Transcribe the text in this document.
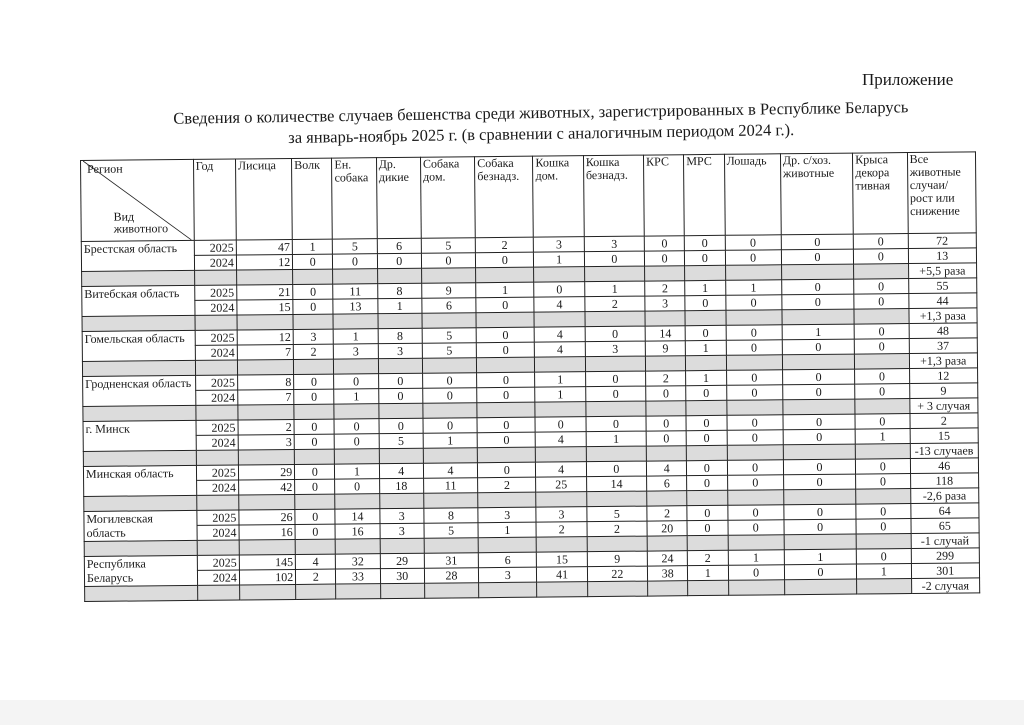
Приложение
Сведения о количестве случаев бешенства среди животных, зарегистрированных в Республике Беларусь
за январь-ноябрь 2025 г. (в сравнении с аналогичным периодом 2024 г.).
Регион
Вид животного	Год	Лисица	Волк	Ен. собака	Др. дикие	Собака дом.	Собака безнадз.	Кошка дом.	Кошка безнадз.	КРС	МРС	Лошадь	Др. с/хоз. животные	Крыса декора тивная	Все животные случаи/ рост или снижение
Брестская область	2025	47	1	5	6	5	2	3	3	0	0	0	0	0	72
	2024	12	0	0	0	0	0	1	0	0	0	0	0	0	13
															+5,5 раза
Витебская область	2025	21	0	11	8	9	1	0	1	2	1	1	0	0	55
	2024	15	0	13	1	6	0	4	2	3	0	0	0	0	44
															+1,3 раза
Гомельская область	2025	12	3	1	8	5	0	4	0	14	0	0	1	0	48
	2024	7	2	3	3	5	0	4	3	9	1	0	0	0	37
															+1,3 раза
Гродненская область	2025	8	0	0	0	0	0	1	0	2	1	0	0	0	12
	2024	7	0	1	0	0	0	1	0	0	0	0	0	0	9
															+ 3 случая
г. Минск	2025	2	0	0	0	0	0	0	0	0	0	0	0	0	2
	2024	3	0	0	5	1	0	4	1	0	0	0	0	1	15
															-13 случаев
Минская область	2025	29	0	1	4	4	0	4	0	4	0	0	0	0	46
	2024	42	0	0	18	11	2	25	14	6	0	0	0	0	118
															-2,6 раза
Могилевская область	2025	26	0	14	3	8	3	3	5	2	0	0	0	0	64
	2024	16	0	16	3	5	1	2	2	20	0	0	0	0	65
															-1 случай
Республика Беларусь	2025	145	4	32	29	31	6	15	9	24	2	1	1	0	299
	2024	102	2	33	30	28	3	41	22	38	1	0	0	1	301
															-2 случая
